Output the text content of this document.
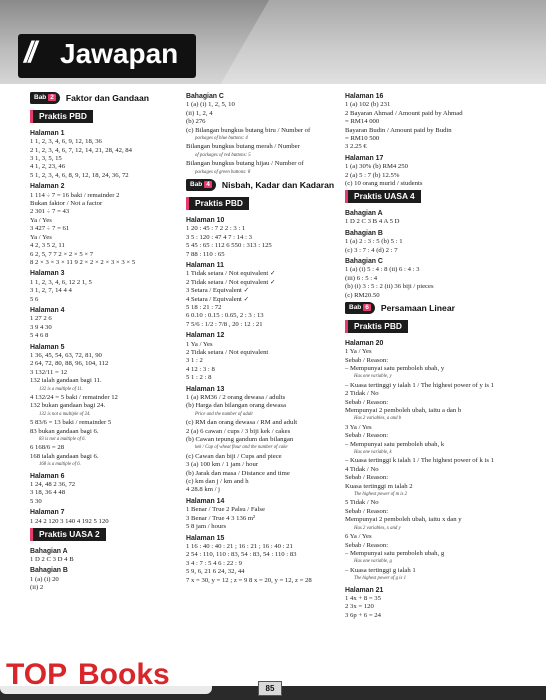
// Jawapan
Bab 2	Faktor dan Gandaan
Praktis PBD
Halaman 1
1 1, 2, 3, 4, 6, 9, 12, 18, 36
2 1, 2, 3, 4, 6, 7, 12, 14, 21, 28, 42, 84
3 1, 3, 5, 15
4 1, 2, 23, 46
5 1, 2, 3, 4, 6, 8, 9, 12, 18, 24, 36, 72
Halaman 2
1 114 ÷ 7 = 16 baki / remainder 2
Bukan faktor / Not a factor
2 301 ÷ 7 = 43
Ya / Yes
3 427 ÷ 7 = 61
Ya / Yes
4 2, 3 5 2, 11
6 2, 5, 7 7 2 × 2 × 5 × 7
8 2 × 3 × 3 × 11 9 2 × 2 × 2 × 3 × 3 × 5
Halaman 3
1 1, 2, 3, 4, 6, 12 2 1, 5
3 1, 2, 7, 14 4 4
5 6
Halaman 4
1 27 2 6
3 9 4 30
5 4 6 8
Halaman 5
1 36, 45, 54, 63, 72, 81, 90
2 64, 72, 80, 88, 96, 104, 112
3 132/11 = 12
132 ialah gandaan bagi 11.
132 is a multiple of 11.
4 132/24 = 5 baki / remainder 12
132 bukan gandaan bagi 24.
132 is not a multiple of 24.
5 83/6 = 13 baki / remainder 5
83 bukan gandaan bagi 6.
83 is not a multiple of 6.
6 168/6 = 28
168 ialah gandaan bagi 6.
168 is a multiple of 6.
Halaman 6
1 24, 48 2 36, 72
3 18, 36 4 48
5 30
Halaman 7
1 24 2 120 3 140 4 192 5 120
Praktis UASA 2
Bahagian A
1 D 2 C 3 D 4 B
Bahagian B
1 (a) (i) 20
(ii) 2
Bahagian C
1 (a) (i) 1, 2, 5, 10
(ii) 1, 2, 4
(b) 276
(c) Bilangan bungkus butang biru / Number of
packages of blue buttons: 4
Bilangan bungkus butang merah / Number
of packages of red buttons: 5
Bilangan bungkus butang hijau / Number of
packages of green buttons: 8
Bab 4	Nisbah, Kadar dan Kadaran
Praktis PBD
Halaman 10
1 20 : 45 : 7 2 2 : 3 : 1
3 5 : 120 : 47 4 7 : 14 : 3
5 45 : 65 : 112 6 550 : 313 : 125
7 88 : 110 : 65
Halaman 11
1 Tidak setara / Not equivalent ✓
2 Tidak setara / Not equivalent ✓
3 Setara / Equivalent ✓
4 Setara / Equivalent ✓
5 18 : 21 : 72
6 0.10 : 0.15 : 0.65, 2 : 3 : 13
7 5/6 : 1/2 : 7/8 , 20 : 12 : 21
Halaman 12
1 Ya / Yes
2 Tidak setara / Not equivalent
3 1 : 2
4 12 : 3 : 8
5 1 : 2 : 8
Halaman 13
1 (a) RM36 / 2 orang dewasa / adults
(b) Harga dan bilangan orang dewasa
Price and the number of adult
(c) RM dan orang dewasa / RM and adult
2 (a) 6 cawan / cups / 3 biji kek / cakes
(b) Cawan tepung gandum dan bilangan
kek / Cup of wheat flour and the number of cake
(c) Cawan dan biji / Cups and piece
3 (a) 100 km / 1 jam / hour
(b) Jarak dan masa / Distance and time
(c) km dan j / km and h
4 28.8 km / j
Halaman 14
1 Benar / True 2 Palsu / False
3 Benar / True 4 3 136 m²
5 8 jam / hours
Halaman 15
1 16 : 40 : 40 : 21 ; 16 : 21 ; 16 : 40 : 21
2 54 : 110, 110 : 83, 54 : 83, 54 : 110 : 83
3 4 : 7 : 5 4 6 : 22 : 9
5 9, 6, 21 6 24, 32, 44
7 x = 30, y = 12 ; z = 9 8 x = 20, y = 12, z = 28
Halaman 16
1 (a) 102 (b) 231
2 Bayaran Ahmad / Amount paid by Ahmad
= RM14 000
Bayaran Budin / Amount paid by Budin
= RM10 500
3 2.25 €
Halaman 17
1 (a) 30% (b) RM4 250
2 (a) 5 : 7 (b) 12.5%
(c) 10 orang murid / students
Praktis UASA 4
Bahagian A
1 D 2 C 3 B 4 A 5 D
Bahagian B
1 (a) 2 : 3 : 5 (b) 5 : 1
(c) 3 : 7 : 4 (d) 2 : 7
Bahagian C
1 (a) (i) 5 : 4 : 8 (ii) 6 : 4 : 3
(iii) 6 : 5 : 4
(b) (i) 3 : 5 : 2 (ii) 36 biji / pieces
(c) RM20.50
Bab 6	Persamaan Linear
Praktis PBD
Halaman 20
1 Ya / Yes
Sebab / Reason:
– Mempunyai satu pemboleh ubah, y
Has one variable, y
– Kuasa tertinggi y ialah 1 / The highest power of y is 1
2 Tidak / No
Sebab / Reason:
Mempunyai 2 pemboleh ubah, iaitu a dan b
Has 2 variables, a and b
3 Ya / Yes
Sebab / Reason:
– Mempunyai satu pemboleh ubah, k
Has one variable, k
– Kuasa tertinggi k ialah 1 / The highest power of k is 1
4 Tidak / No
Sebab / Reason:
Kuasa tertinggi m ialah 2
The highest power of m is 2
5 Tidak / No
Sebab / Reason:
Mempunyai 2 pemboleh ubah, iaitu x dan y
Has 2 variables, x and y
6 Ya / Yes
Sebab / Reason:
– Mempunyai satu pemboleh ubah, g
Has one variable, g
– Kuasa tertinggi g ialah 1
The highest power of g is 1
Halaman 21
1 4x + 8 = 35
2 3x = 120
3 6p + 6 = 24
85
TOP Books
